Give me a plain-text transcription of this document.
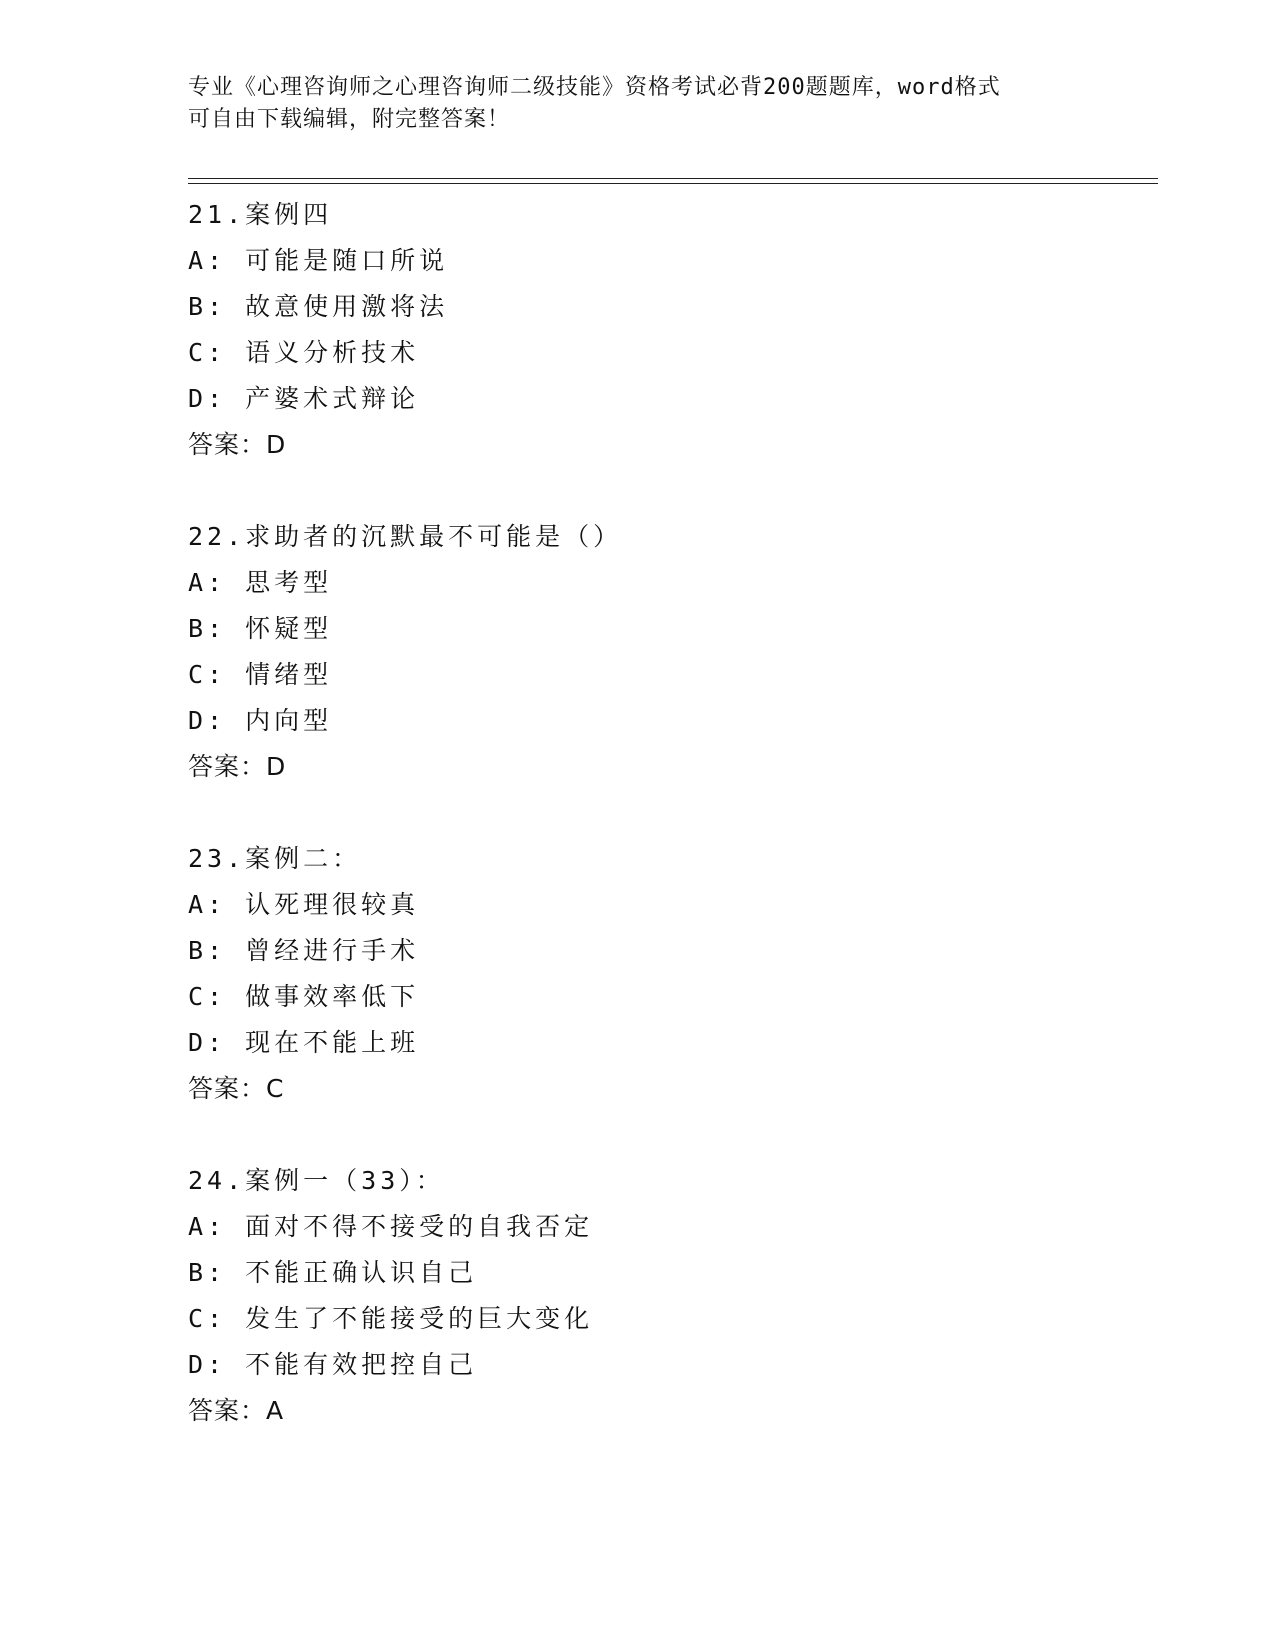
专业《心理咨询师之心理咨询师二级技能》资格考试必背200题题库，word格式
可自由下载编辑，附完整答案！
21.案例四
A: 可能是随口所说
B: 故意使用激将法
C: 语义分析技术
D: 产婆术式辩论
答案：D
22.求助者的沉默最不可能是（）
A: 思考型
B: 怀疑型
C: 情绪型
D: 内向型
答案：D
23.案例二：
A: 认死理很较真
B: 曾经进行手术
C: 做事效率低下
D: 现在不能上班
答案：C
24.案例一（33）：
A: 面对不得不接受的自我否定
B: 不能正确认识自己
C: 发生了不能接受的巨大变化
D: 不能有效把控自己
答案：A
